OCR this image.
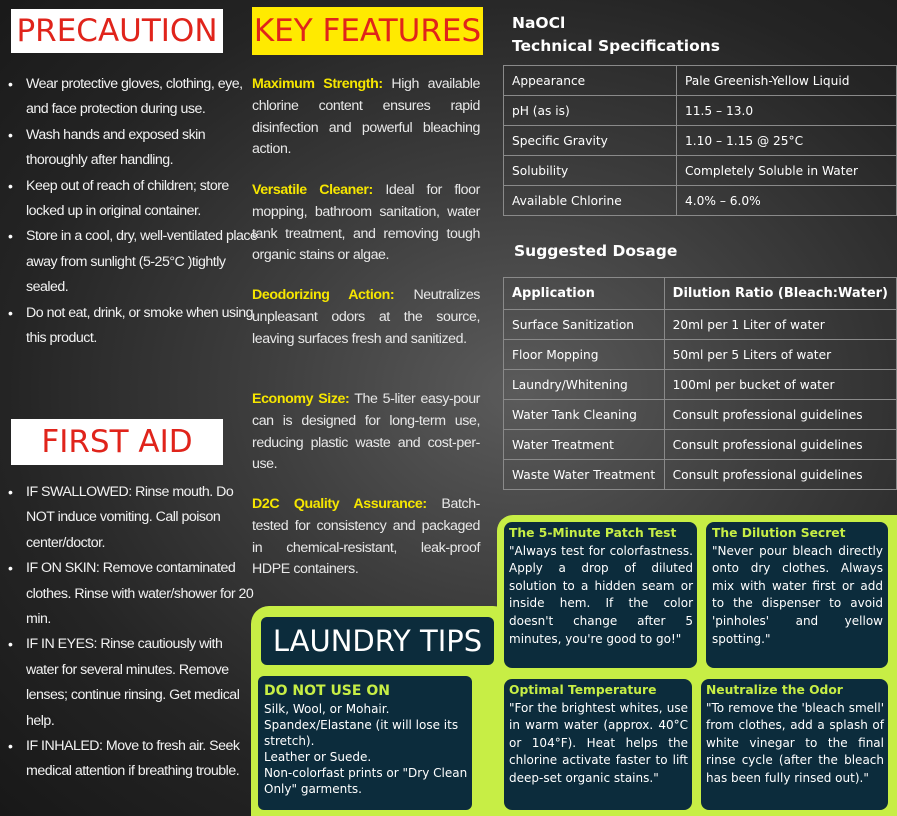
PRECAUTION
• Wear protective gloves, clothing, eye, and face protection during use.
• Wash hands and exposed skin thoroughly after handling.
• Keep out of reach of children; store locked up in original container.
• Store in a cool, dry, well-ventilated place away from sunlight (5-25°C )tightly sealed.
• Do not eat, drink, or smoke when using this product.
FIRST AID
• IF SWALLOWED: Rinse mouth. Do NOT induce vomiting. Call poison center/doctor.
• IF ON SKIN: Remove contaminated clothes. Rinse with water/shower for 20 min.
• IF IN EYES: Rinse cautiously with water for several minutes. Remove lenses; continue rinsing. Get medical help.
• IF INHALED: Move to fresh air. Seek medical attention if breathing trouble.
KEY FEATURES
Maximum Strength: High available chlorine content ensures rapid disinfection and powerful bleaching action.
Versatile Cleaner: Ideal for floor mopping, bathroom sanitation, water tank treatment, and removing tough organic stains or algae.
Deodorizing Action: Neutralizes unpleasant odors at the source, leaving surfaces fresh and sanitized.
Economy Size: The 5-liter easy-pour can is designed for long-term use, reducing plastic waste and cost-per-use.
D2C Quality Assurance: Batch-tested for consistency and packaged in chemical-resistant, leak-proof HDPE containers.
NaOCl
Technical Specifications
Appearance	Pale Greenish-Yellow Liquid
pH (as is)	11.5 – 13.0
Specific Gravity	1.10 – 1.15 @ 25°C
Solubility	Completely Soluble in Water
Available Chlorine	4.0% – 6.0%
Suggested Dosage
Application	Dilution Ratio (Bleach:Water)
Surface Sanitization	20ml per 1 Liter of water
Floor Mopping	50ml per 5 Liters of water
Laundry/Whitening	100ml per bucket of water
Water Tank Cleaning	Consult professional guidelines
Water Treatment	Consult professional guidelines
Waste Water Treatment	Consult professional guidelines
LAUNDRY TIPS
DO NOT USE ON
Silk, Wool, or Mohair.
Spandex/Elastane (it will lose its stretch).
Leather or Suede.
Non-colorfast prints or "Dry Clean Only" garments.
The 5-Minute Patch Test
"Always test for colorfastness. Apply a drop of diluted solution to a hidden seam or inside hem. If the color doesn't change after 5 minutes, you're good to go!"
The Dilution Secret
"Never pour bleach directly onto dry clothes. Always mix with water first or add to the dispenser to avoid 'pinholes' and yellow spotting."
Optimal Temperature
"For the brightest whites, use in warm water (approx. 40°C or 104°F). Heat helps the chlorine activate faster to lift deep-set organic stains."
Neutralize the Odor
"To remove the 'bleach smell' from clothes, add a splash of white vinegar to the final rinse cycle (after the bleach has been fully rinsed out)."
